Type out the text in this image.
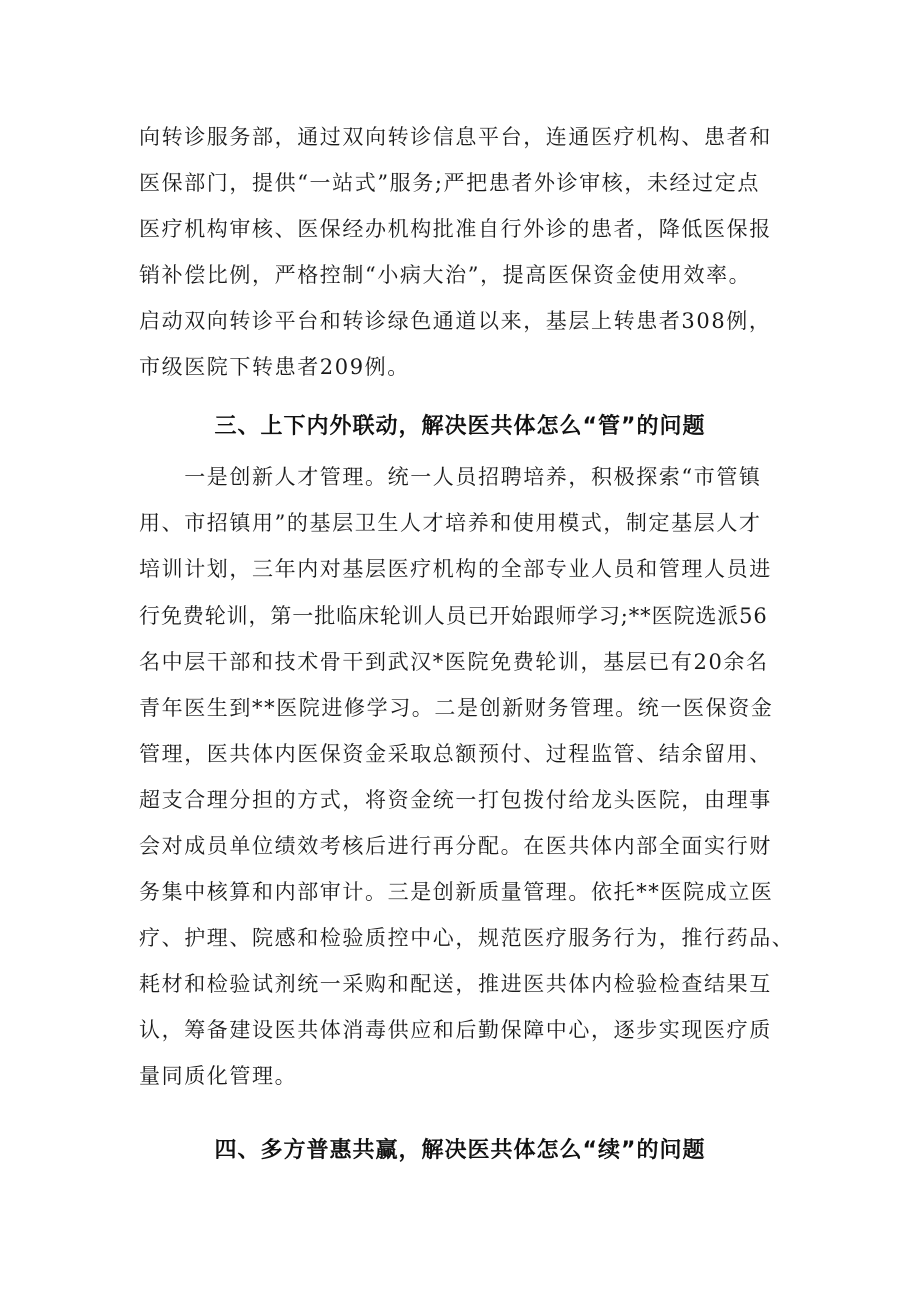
向转诊服务部，通过双向转诊信息平台，连通医疗机构、患者和
医保部门，提供“一站式”服务;严把患者外诊审核，未经过定点
医疗机构审核、医保经办机构批准自行外诊的患者，降低医保报
销补偿比例，严格控制“小病大治”，提高医保资金使用效率。
启动双向转诊平台和转诊绿色通道以来，基层上转患者308例，
市级医院下转患者209例。
三、上下内外联动，解决医共体怎么“管”的问题
　　一是创新人才管理。统一人员招聘培养，积极探索“市管镇
用、市招镇用”的基层卫生人才培养和使用模式，制定基层人才
培训计划，三年内对基层医疗机构的全部专业人员和管理人员进
行免费轮训，第一批临床轮训人员已开始跟师学习;**医院选派56
名中层干部和技术骨干到武汉*医院免费轮训，基层已有20余名
青年医生到**医院进修学习。二是创新财务管理。统一医保资金
管理，医共体内医保资金采取总额预付、过程监管、结余留用、
超支合理分担的方式，将资金统一打包拨付给龙头医院，由理事
会对成员单位绩效考核后进行再分配。在医共体内部全面实行财
务集中核算和内部审计。三是创新质量管理。依托**医院成立医
疗、护理、院感和检验质控中心，规范医疗服务行为，推行药品、
耗材和检验试剂统一采购和配送，推进医共体内检验检查结果互
认，筹备建设医共体消毒供应和后勤保障中心，逐步实现医疗质
量同质化管理。
四、多方普惠共赢，解决医共体怎么“续”的问题
